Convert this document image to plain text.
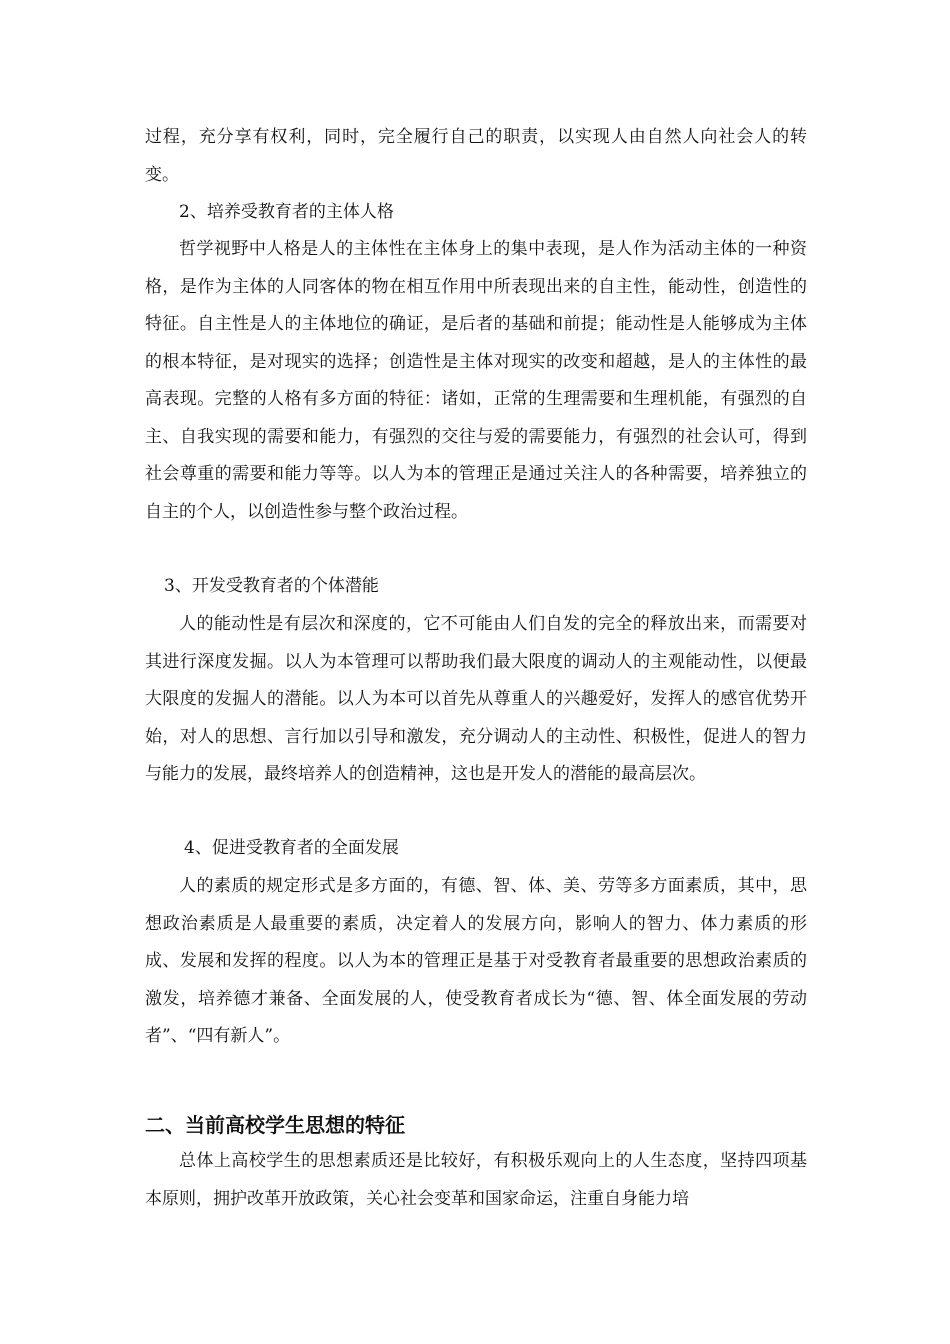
过程，充分享有权利，同时，完全履行自己的职责，以实现人由自然人向社会人的转变。

2、培养受教育者的主体人格

哲学视野中人格是人的主体性在主体身上的集中表现，是人作为活动主体的一种资格，是作为主体的人同客体的物在相互作用中所表现出来的自主性，能动性，创造性的特征。自主性是人的主体地位的确证，是后者的基础和前提；能动性是人能够成为主体的根本特征，是对现实的选择；创造性是主体对现实的改变和超越，是人的主体性的最高表现。完整的人格有多方面的特征：诸如，正常的生理需要和生理机能，有强烈的自主、自我实现的需要和能力，有强烈的交往与爱的需要能力，有强烈的社会认可，得到社会尊重的需要和能力等等。以人为本的管理正是通过关注人的各种需要，培养独立的自主的个人，以创造性参与整个政治过程。

3、开发受教育者的个体潜能

人的能动性是有层次和深度的，它不可能由人们自发的完全的释放出来，而需要对其进行深度发掘。以人为本管理可以帮助我们最大限度的调动人的主观能动性，以便最大限度的发掘人的潜能。以人为本可以首先从尊重人的兴趣爱好，发挥人的感官优势开始，对人的思想、言行加以引导和激发，充分调动人的主动性、积极性，促进人的智力与能力的发展，最终培养人的创造精神，这也是开发人的潜能的最高层次。

4、促进受教育者的全面发展

人的素质的规定形式是多方面的，有德、智、体、美、劳等多方面素质，其中，思想政治素质是人最重要的素质，决定着人的发展方向，影响人的智力、体力素质的形成、发展和发挥的程度。以人为本的管理正是基于对受教育者最重要的思想政治素质的激发，培养德才兼备、全面发展的人，使受教育者成长为“德、智、体全面发展的劳动者”、“四有新人”。

二、当前高校学生思想的特征

总体上高校学生的思想素质还是比较好，有积极乐观向上的人生态度，坚持四项基本原则，拥护改革开放政策，关心社会变革和国家命运，注重自身能力培
